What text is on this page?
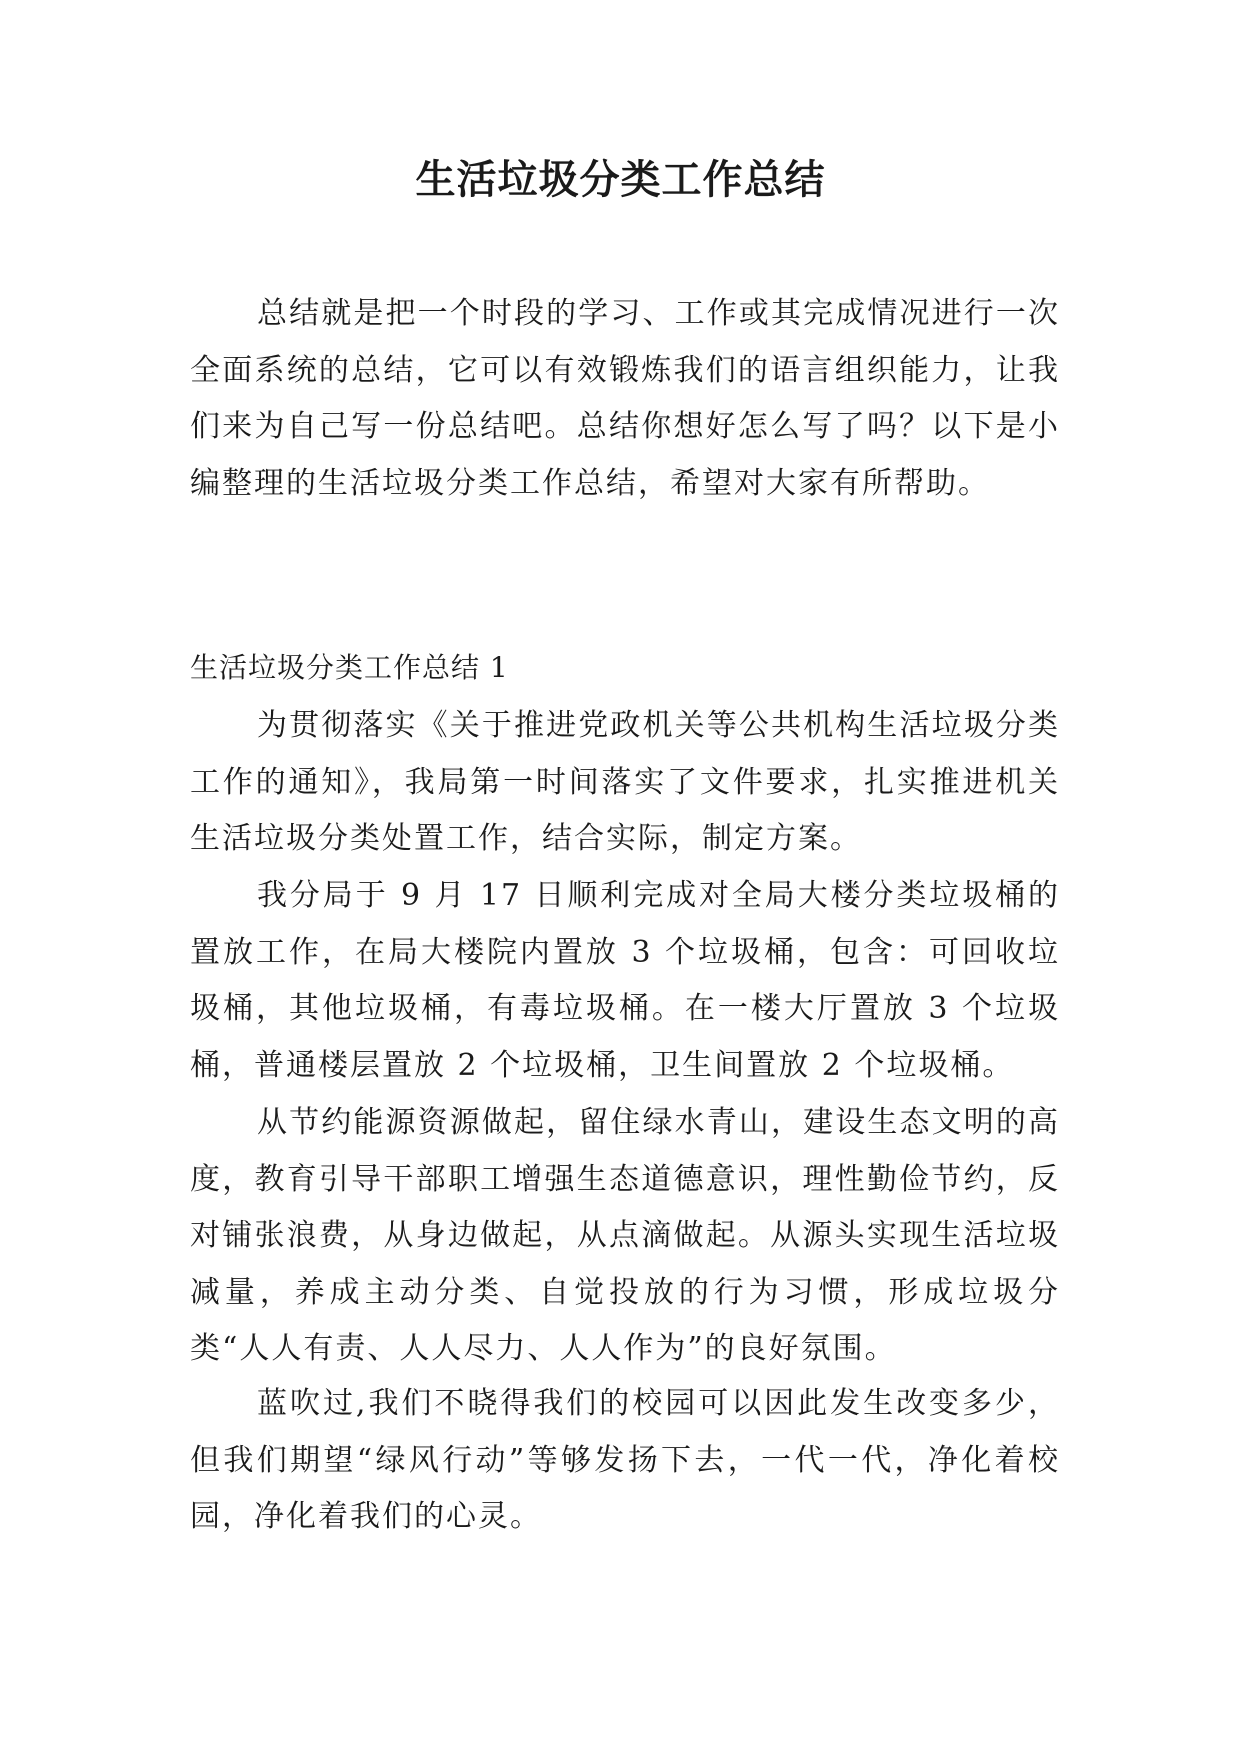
生活垃圾分类工作总结

总结就是把一个时段的学习、工作或其完成情况进行一次全面系统的总结，它可以有效锻炼我们的语言组织能力，让我们来为自己写一份总结吧。总结你想好怎么写了吗？以下是小编整理的生活垃圾分类工作总结，希望对大家有所帮助。

生活垃圾分类工作总结 1

为贯彻落实《关于推进党政机关等公共机构生活垃圾分类工作的通知》，我局第一时间落实了文件要求，扎实推进机关生活垃圾分类处置工作，结合实际，制定方案。

我分局于 9 月 17 日顺利完成对全局大楼分类垃圾桶的置放工作，在局大楼院内置放 3 个垃圾桶，包含：可回收垃圾桶，其他垃圾桶，有毒垃圾桶。在一楼大厅置放 3 个垃圾桶，普通楼层置放 2 个垃圾桶，卫生间置放 2 个垃圾桶。

从节约能源资源做起，留住绿水青山，建设生态文明的高度，教育引导干部职工增强生态道德意识，理性勤俭节约，反对铺张浪费，从身边做起，从点滴做起。从源头实现生活垃圾减量，养成主动分类、自觉投放的行为习惯，形成垃圾分类“人人有责、人人尽力、人人作为”的良好氛围。

蓝吹过,我们不晓得我们的校园可以因此发生改变多少，但我们期望“绿风行动”等够发扬下去，一代一代，净化着校园，净化着我们的心灵。
